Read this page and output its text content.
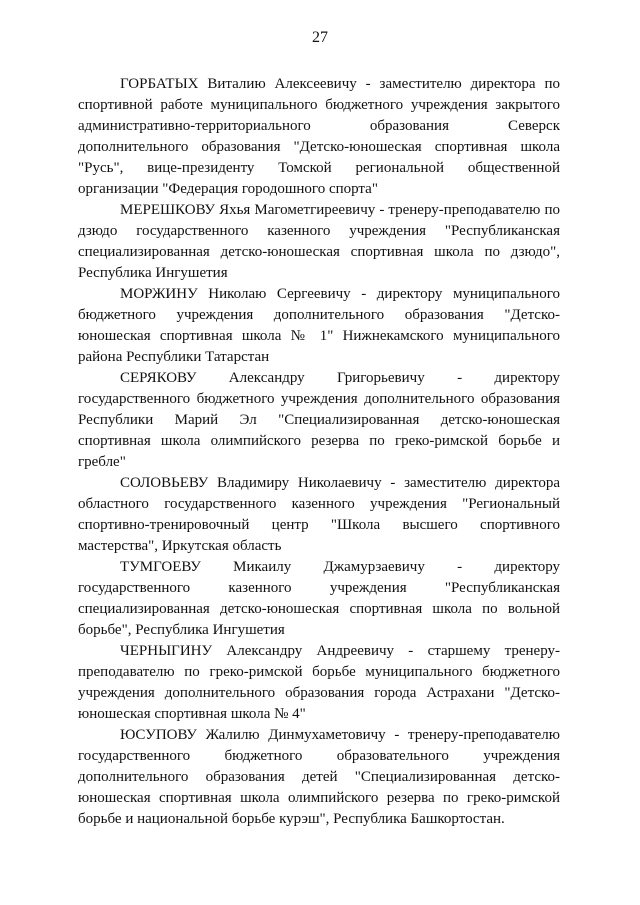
27

ГОРБАТЫХ Виталию Алексеевичу - заместителю директора по спортивной работе муниципального бюджетного учреждения закрытого административно-территориального образования Северск дополнительного образования "Детско-юношеская спортивная школа "Русь", вице-президенту Томской региональной общественной организации "Федерация городошного спорта"

МЕРЕШКОВУ Яхья Магометгиреевичу - тренеру-преподавателю по дзюдо государственного казенного учреждения "Республиканская специализированная детско-юношеская спортивная школа по дзюдо", Республика Ингушетия

МОРЖИНУ Николаю Сергеевичу - директору муниципального бюджетного учреждения дополнительного образования "Детско-юношеская спортивная школа № 1" Нижнекамского муниципального района Республики Татарстан

СЕРЯКОВУ Александру Григорьевичу - директору государственного бюджетного учреждения дополнительного образования Республики Марий Эл "Специализированная детско-юношеская спортивная школа олимпийского резерва по греко-римской борьбе и гребле"

СОЛОВЬЕВУ Владимиру Николаевичу - заместителю директора областного государственного казенного учреждения "Региональный спортивно-тренировочный центр "Школа высшего спортивного мастерства", Иркутская область

ТУМГОЕВУ Микаилу Джамурзаевичу - директору государственного казенного учреждения "Республиканская специализированная детско-юношеская спортивная школа по вольной борьбе", Республика Ингушетия

ЧЕРНЫГИНУ Александру Андреевичу - старшему тренеру-преподавателю по греко-римской борьбе муниципального бюджетного учреждения дополнительного образования города Астрахани "Детско-юношеская спортивная школа № 4"

ЮСУПОВУ Жалилю Динмухаметовичу - тренеру-преподавателю государственного бюджетного образовательного учреждения дополнительного образования детей "Специализированная детско-юношеская спортивная школа олимпийского резерва по греко-римской борьбе и национальной борьбе курэш", Республика Башкортостан.
